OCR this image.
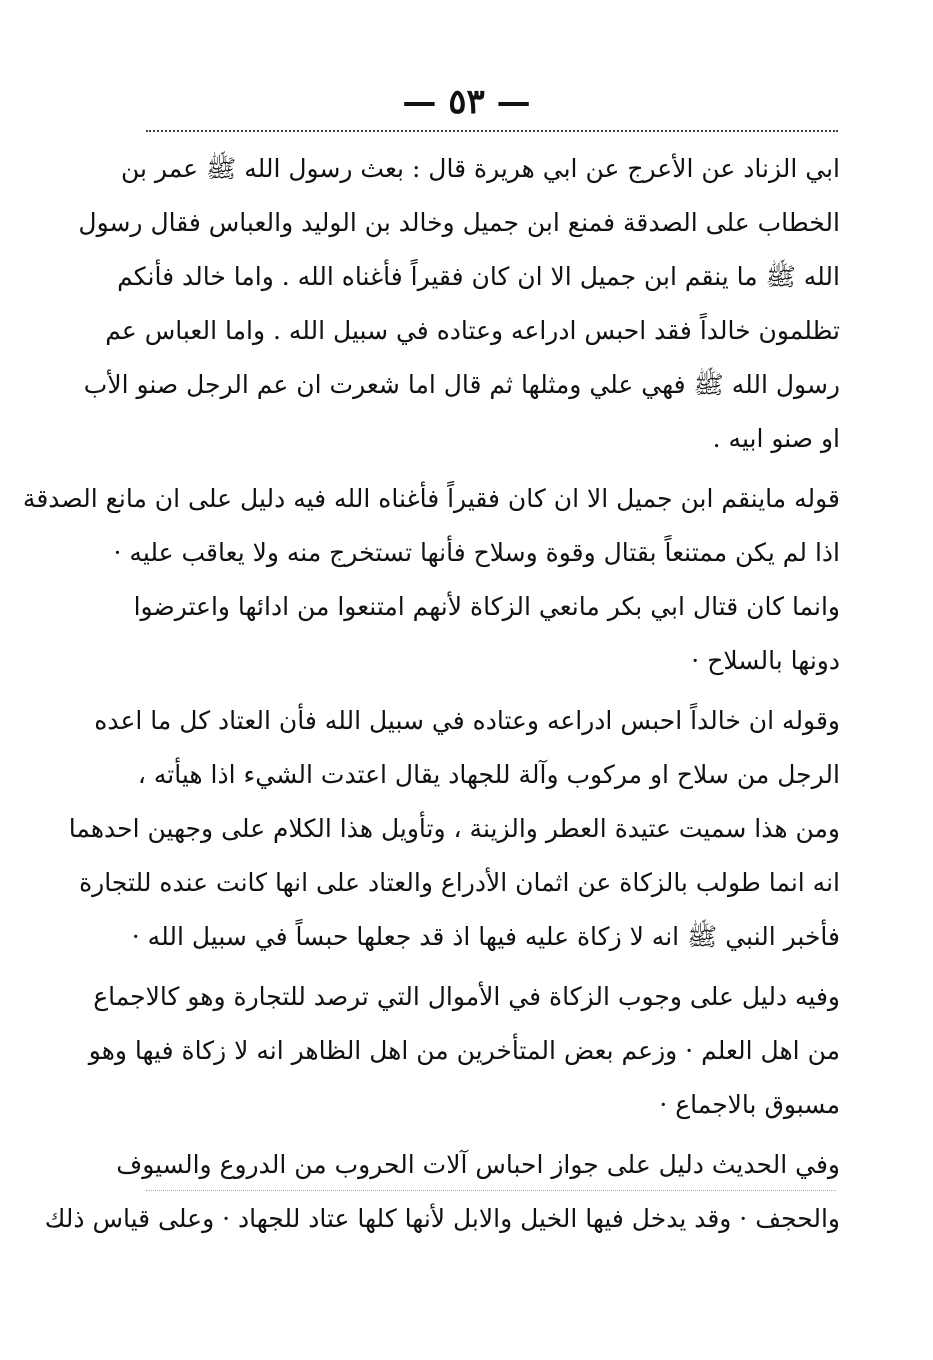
— ٥٣ —
ابي الزناد عن الأعرج عن ابي هريرة قال : بعث رسول الله ﷺ عمر بن
الخطاب على الصدقة فمنع ابن جميل وخالد بن الوليد والعباس فقال رسول
الله ﷺ ما ينقم ابن جميل الا ان كان فقيراً فأغناه الله . واما خالد فأنكم
تظلمون خالداً فقد احبس ادراعه وعتاده في سبيل الله . واما العباس عم
رسول الله ﷺ فهي علي ومثلها ثم قال اما شعرت ان عم الرجل صنو الأب
او صنو ابيه .
قوله ماينقم ابن جميل الا ان كان فقيراً فأغناه الله فيه دليل على ان مانع الصدقة
اذا لم يكن ممتنعاً بقتال وقوة وسلاح فأنها تستخرج منه ولا يعاقب عليه ·
وانما كان قتال ابي بكر مانعي الزكاة لأنهم امتنعوا من ادائها واعترضوا
دونها بالسلاح ·
وقوله ان خالداً احبس ادراعه وعتاده في سبيل الله فأن العتاد كل ما اعده
الرجل من سلاح او مركوب وآلة للجهاد يقال اعتدت الشيء اذا هيأته ،
ومن هذا سميت عتيدة العطر والزينة ، وتأويل هذا الكلام على وجهين احدهما
انه انما طولب بالزكاة عن اثمان الأدراع والعتاد على انها كانت عنده للتجارة
فأخبر النبي ﷺ انه لا زكاة عليه فيها اذ قد جعلها حبساً في سبيل الله ·
وفيه دليل على وجوب الزكاة في الأموال التي ترصد للتجارة وهو كالاجماع
من اهل العلم · وزعم بعض المتأخرين من اهل الظاهر انه لا زكاة فيها وهو
مسبوق بالاجماع ·
وفي الحديث دليل على جواز احباس آلات الحروب من الدروع والسيوف
والحجف · وقد يدخل فيها الخيل والابل لأنها كلها عتاد للجهاد · وعلى قياس ذلك
